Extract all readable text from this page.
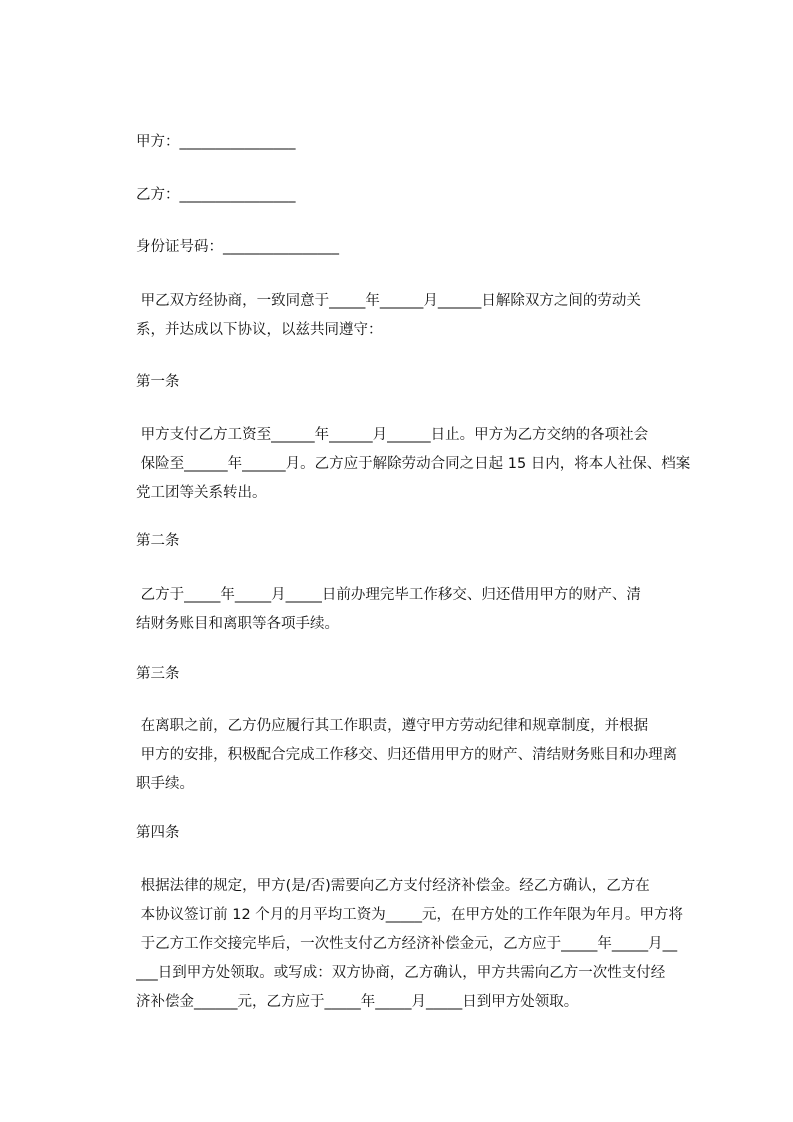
甲方：________________
乙方：________________
身份证号码：________________

甲乙双方经协商，一致同意于_____年______月______日解除双方之间的劳动关

系，并达成以下协议，以兹共同遵守：

第一条

甲方支付乙方工资至______年______月______日止。甲方为乙方交纳的各项社会

保险至______年______月。乙方应于解除劳动合同之日起 15 日内，将本人社保、档案

党工团等关系转出。

第二条

乙方于_____年_____月_____日前办理完毕工作移交、归还借用甲方的财产、清

结财务账目和离职等各项手续。

第三条

在离职之前，乙方仍应履行其工作职责，遵守甲方劳动纪律和规章制度，并根据

甲方的安排，积极配合完成工作移交、归还借用甲方的财产、清结财务账目和办理离

职手续。

第四条

根据法律的规定，甲方(是/否)需要向乙方支付经济补偿金。经乙方确认，乙方在

本协议签订前 12 个月的月平均工资为_____元，在甲方处的工作年限为年月。甲方将

于乙方工作交接完毕后，一次性支付乙方经济补偿金元，乙方应于_____年_____月__

___日到甲方处领取。或写成：双方协商，乙方确认，甲方共需向乙方一次性支付经

济补偿金______元，乙方应于_____年_____月_____日到甲方处领取。
